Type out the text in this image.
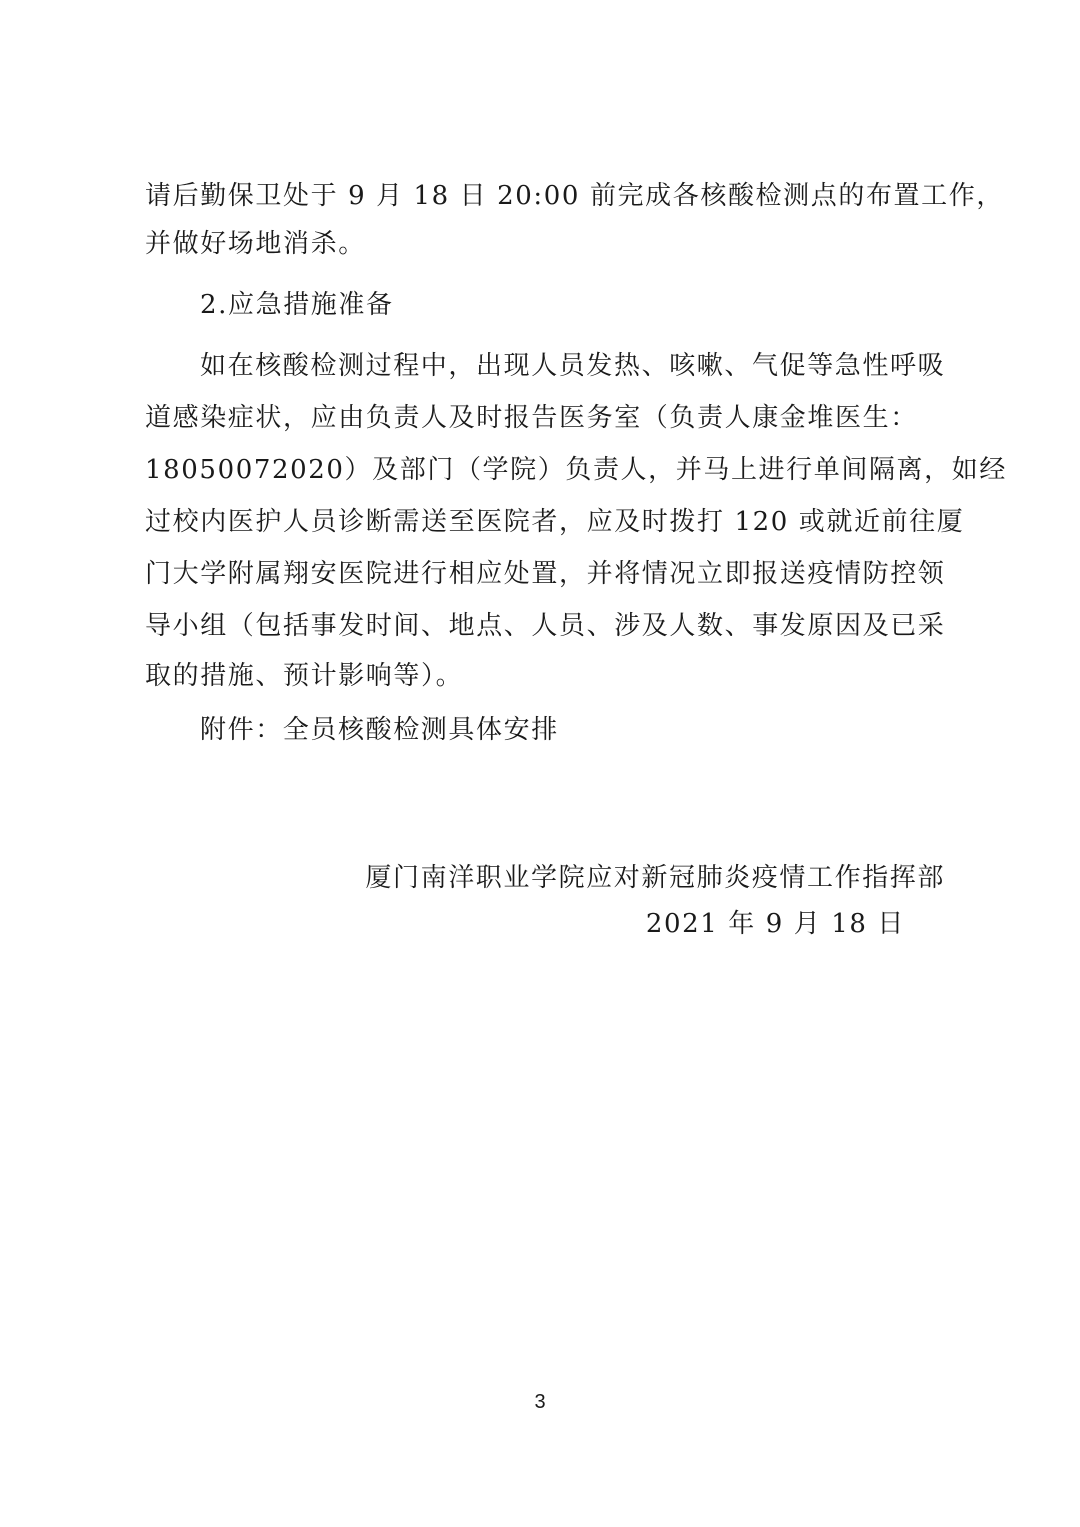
请后勤保卫处于 9 月 18 日 20:00 前完成各核酸检测点的布置工作，
并做好场地消杀。
2.应急措施准备
如在核酸检测过程中，出现人员发热、咳嗽、气促等急性呼吸
道感染症状，应由负责人及时报告医务室（负责人康金堆医生：
18050072020）及部门（学院）负责人，并马上进行单间隔离，如经
过校内医护人员诊断需送至医院者，应及时拨打 120 或就近前往厦
门大学附属翔安医院进行相应处置，并将情况立即报送疫情防控领
导小组（包括事发时间、地点、人员、涉及人数、事发原因及已采
取的措施、预计影响等）。
附件：全员核酸检测具体安排
厦门南洋职业学院应对新冠肺炎疫情工作指挥部
2021 年 9 月 18 日
3
